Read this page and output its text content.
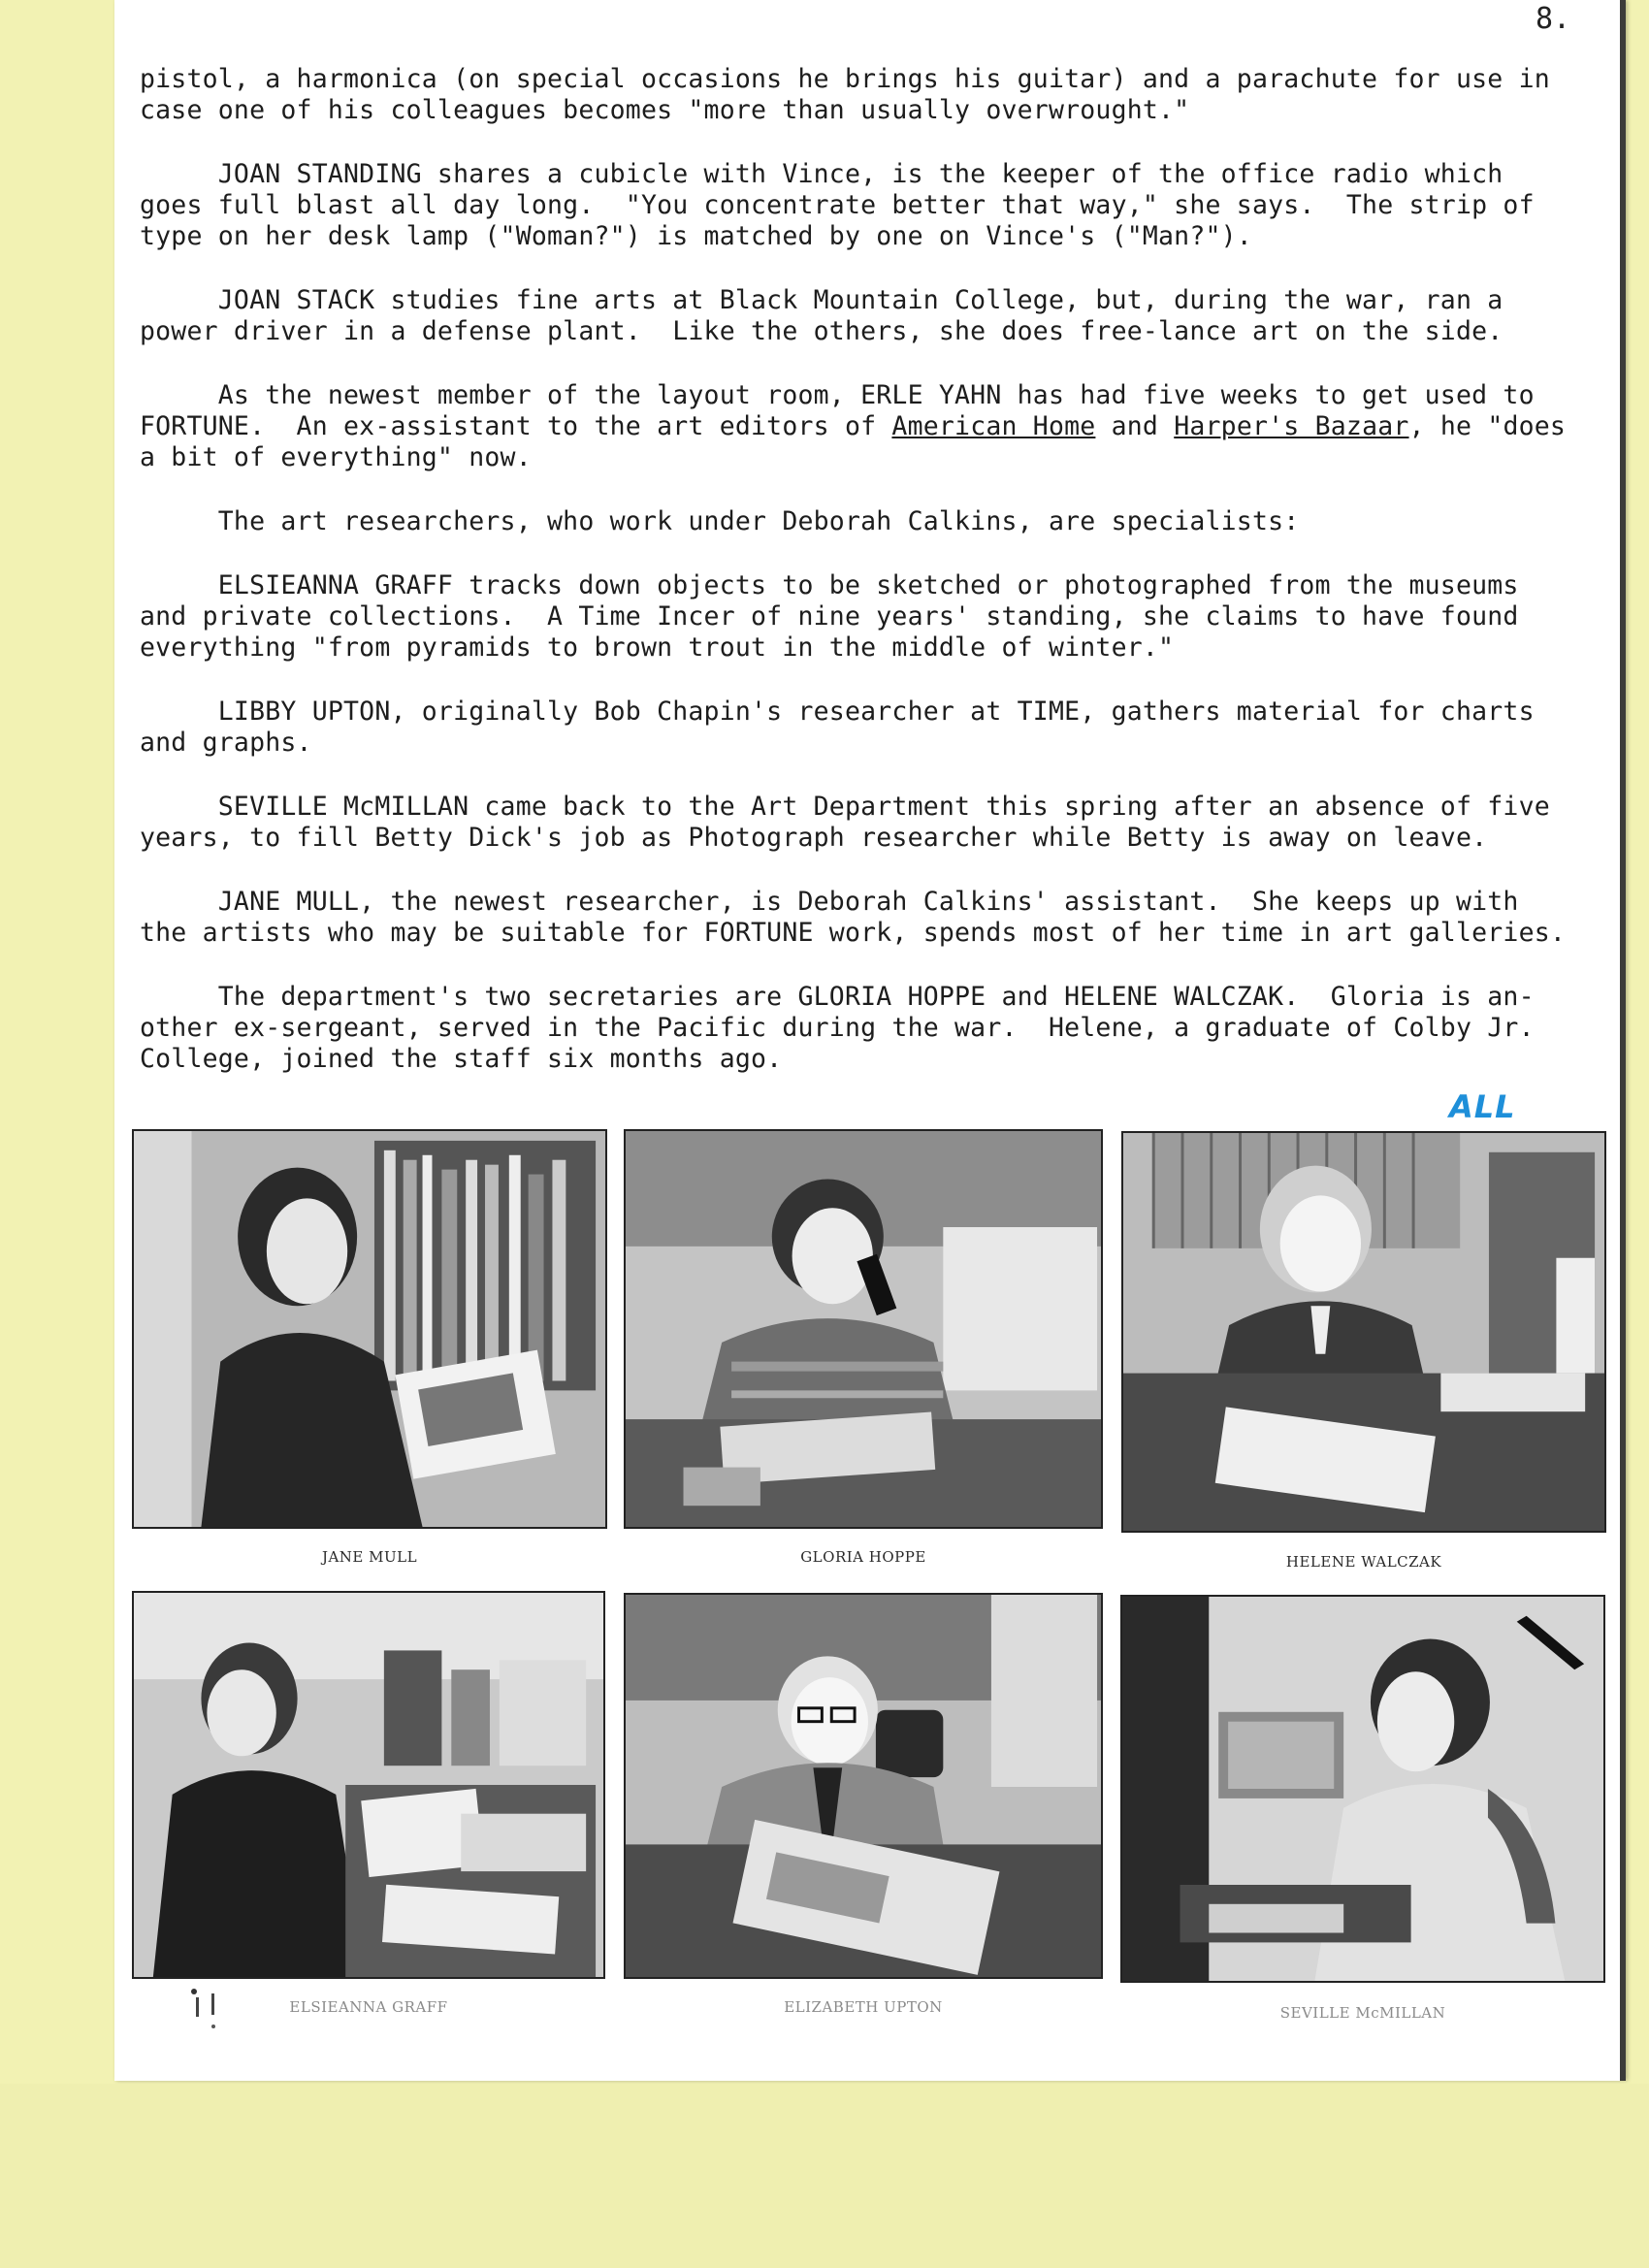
8.
pistol, a harmonica (on special occasions he brings his guitar) and a parachute for use in
case one of his colleagues becomes "more than usually overwrought."
JOAN STANDING shares a cubicle with Vince, is the keeper of the office radio which
goes full blast all day long.  "You concentrate better that way," she says.  The strip of
type on her desk lamp ("Woman?") is matched by one on Vince's ("Man?").
JOAN STACK studies fine arts at Black Mountain College, but, during the war, ran a
power driver in a defense plant.  Like the others, she does free-lance art on the side.
As the newest member of the layout room, ERLE YAHN has had five weeks to get used to
FORTUNE.  An ex-assistant to the art editors of American Home and Harper's Bazaar, he "does
a bit of everything" now.
The art researchers, who work under Deborah Calkins, are specialists:
ELSIEANNA GRAFF tracks down objects to be sketched or photographed from the museums
and private collections.  A Time Incer of nine years' standing, she claims to have found
everything "from pyramids to brown trout in the middle of winter."
LIBBY UPTON, originally Bob Chapin's researcher at TIME, gathers material for charts
and graphs.
SEVILLE McMILLAN came back to the Art Department this spring after an absence of five
years, to fill Betty Dick's job as Photograph researcher while Betty is away on leave.
JANE MULL, the newest researcher, is Deborah Calkins' assistant.  She keeps up with
the artists who may be suitable for FORTUNE work, spends most of her time in art galleries.
The department's two secretaries are GLORIA HOPPE and HELENE WALCZAK.  Gloria is an-
other ex-sergeant, served in the Pacific during the war.  Helene, a graduate of Colby Jr.
College, joined the staff six months ago.
ALL
JANE MULL	GLORIA HOPPE	HELENE WALCZAK
ELSIEANNA GRAFF	ELIZABETH UPTON	SEVILLE McMILLAN
